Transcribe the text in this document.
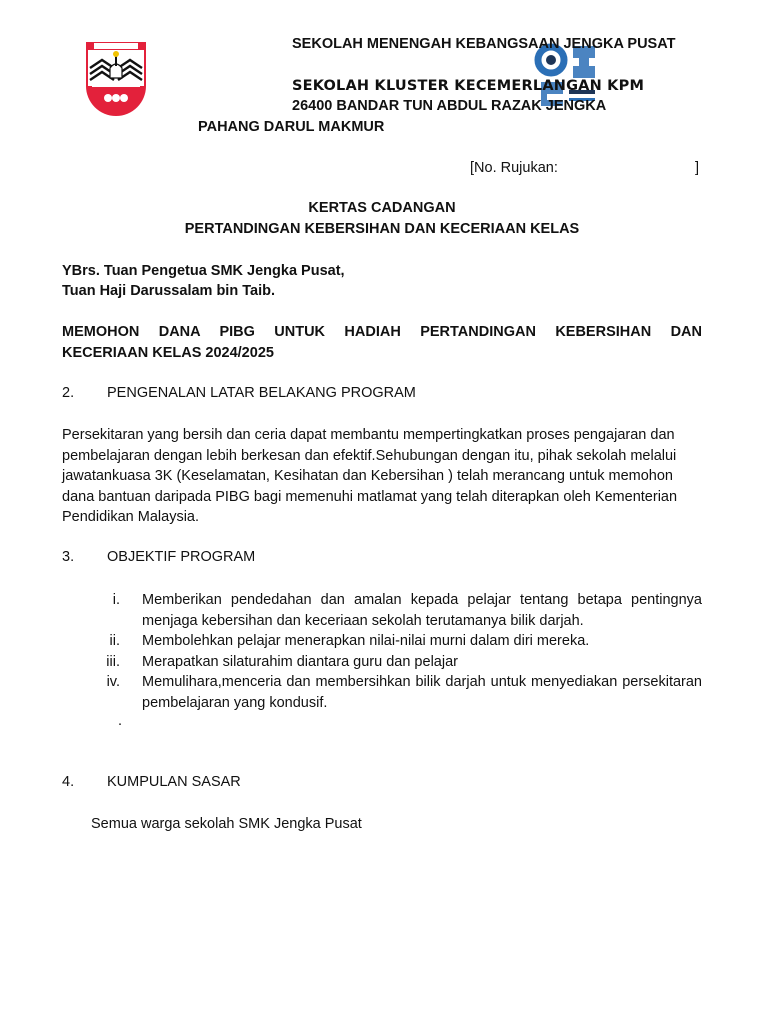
SEKOLAH MENENGAH KEBANGSAAN JENGKA PUSAT
SEKOLAH KLUSTER KECEMERLANGAN KPM
26400 BANDAR TUN ABDUL RAZAK JENGKA
PAHANG DARUL MAKMUR
[No. Rujukan:	]
KERTAS CADANGAN
PERTANDINGAN KEBERSIHAN DAN KECERIAAN KELAS
YBrs. Tuan Pengetua SMK Jengka Pusat,
Tuan Haji Darussalam bin Taib.
MEMOHON DANA PIBG UNTUK HADIAH PERTANDINGAN KEBERSIHAN DAN
KECERIAAN KELAS 2024/2025
2. PENGENALAN LATAR BELAKANG PROGRAM
Persekitaran yang bersih dan ceria dapat membantu mempertingkatkan proses pengajaran dan
pembelajaran dengan lebih berkesan dan efektif.Sehubungan dengan itu, pihak sekolah melalui
jawatankuasa 3K (Keselamatan, Kesihatan dan Kebersihan ) telah merancang untuk memohon
dana bantuan daripada PIBG bagi memenuhi matlamat yang telah diterapkan oleh Kementerian
Pendidikan Malaysia.
3. OBJEKTIF PROGRAM
i. Memberikan pendedahan dan amalan kepada pelajar tentang betapa pentingnya menjaga kebersihan dan keceriaan sekolah terutamanya bilik darjah.
ii. Membolehkan pelajar menerapkan nilai-nilai murni dalam diri mereka.
iii. Merapatkan silaturahim diantara guru dan pelajar
iv. Memulihara,menceria dan membersihkan bilik darjah untuk menyediakan persekitaran pembelajaran yang kondusif.
.
4. KUMPULAN SASAR
Semua warga sekolah SMK Jengka Pusat
